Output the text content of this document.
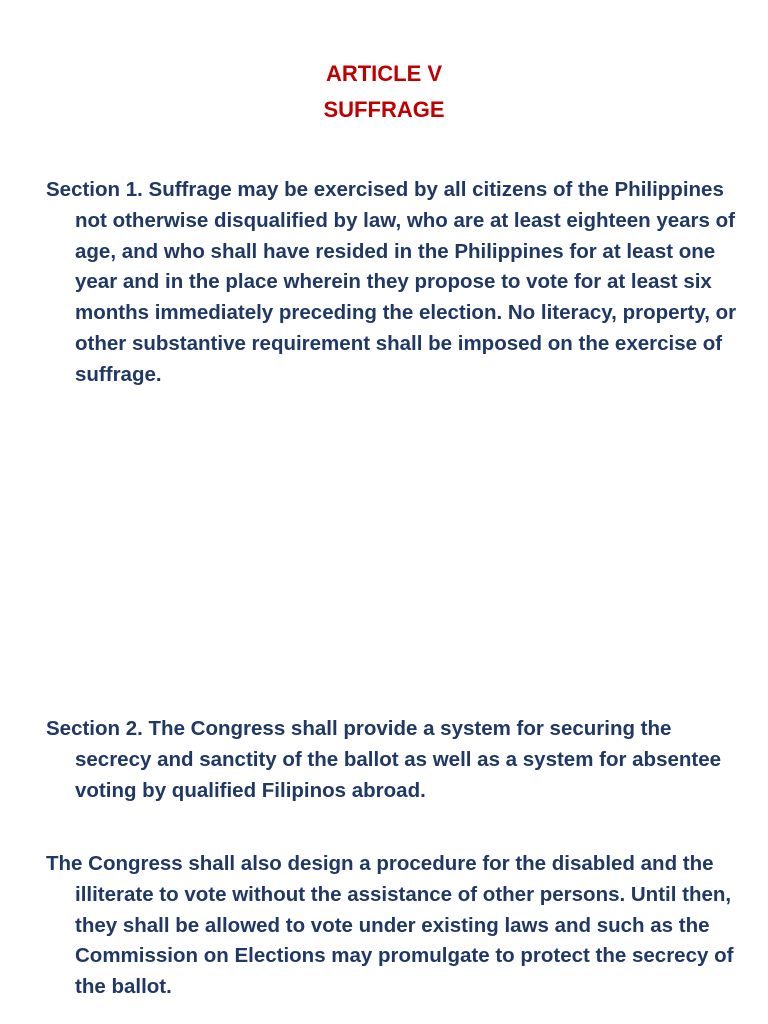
ARTICLE V
SUFFRAGE
Section 1. Suffrage may be exercised by all citizens of the Philippines not otherwise disqualified by law, who are at least eighteen years of age, and who shall have resided in the Philippines for at least one year and in the place wherein they propose to vote for at least six months immediately preceding the election. No literacy, property, or other substantive requirement shall be imposed on the exercise of suffrage.
Section 2. The Congress shall provide a system for securing the secrecy and sanctity of the ballot as well as a system for absentee voting by qualified Filipinos abroad.
The Congress shall also design a procedure for the disabled and the illiterate to vote without the assistance of other persons. Until then, they shall be allowed to vote under existing laws and such as the Commission on Elections may promulgate to protect the secrecy of the ballot.
